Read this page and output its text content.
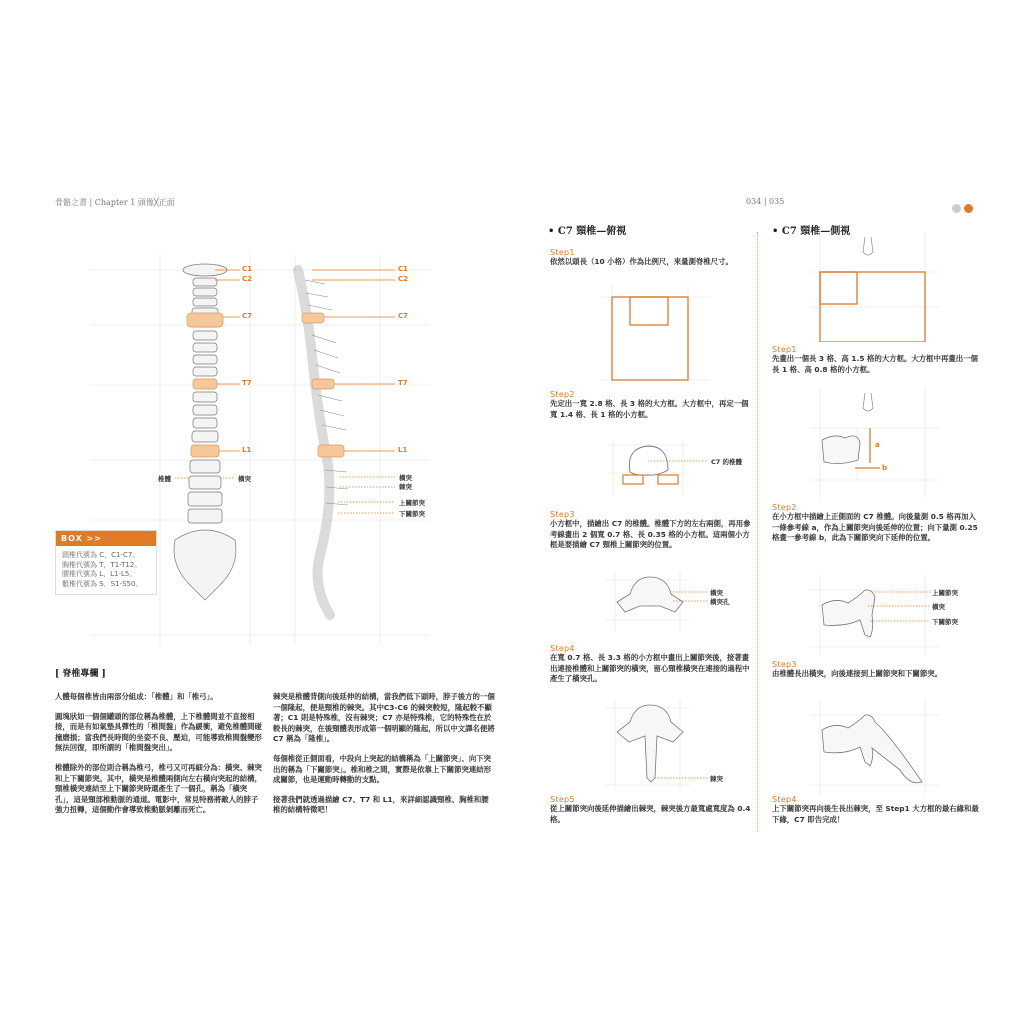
骨骼之書 | Chapter 1 頭像╳正面	034 | 035
C1
C2
C7
T7
L1
椎體	橫突
C1
C2
C7
T7
L1
橫突
棘突
上關節突
下關節突
BOX >>
頸椎代號為 C，C1-C7。
胸椎代號為 T，T1-T12。
腰椎代號為 L，L1-L5。
骶椎代號為 S，S1-S50。
[ 脊椎專欄 ]

人體每個椎皆由兩部分組成：「椎體」和「椎弓」。

圓塊狀如一個個罐頭的部位稱為椎體，上下椎體間並不直接相接，而是有如氣墊具彈性的「椎間盤」作為緩衝，避免椎體間碰撞磨損；當我們長時間的坐姿不良、壓迫，可能導致椎間盤變形無法回復，即所謂的「椎間盤突出」。

椎體除外的部位則合稱為椎弓，椎弓又可再細分為：橫突、棘突和上下關節突。其中，橫突是椎體兩側向左右橫向突起的結構，頸椎橫突連結至上下關節突時還產生了一個孔，稱為「橫突孔」，這是頸部椎動脈的通道。電影中，常見特務將敵人的脖子強力扭轉，這個動作會導致椎動脈剝離而死亡。

棘突是椎體背側向後延伸的結構，當我們低下頭時，脖子後方的一個一個隆起，便是頸椎的棘突。其中C3-C6 的棘突較短，隆起較不顯著；C1 則是特殊椎，沒有棘突；C7 亦是特殊椎，它的特殊性在於較長的棘突，在後頸體表形成第一個明顯的隆起，所以中文譯名便將 C7 稱為「隆椎」。

每個椎從正側面看，中段向上突起的結構稱為「上關節突」、向下突出的稱為「下關節突」。椎和椎之間，實際是依靠上下關節突連結形成關節，也是運動時轉動的支點。

接著我們就透過描繪 C7、T7 和 L1，來詳細認識頸椎、胸椎和腰椎的結構特徵吧！

• C7 頸椎—俯視
Step1
依然以頭長（10 小格）作為比例尺，來量測脊椎尺寸。
Step2
先定出一寬 2.8 格、長 3 格的大方框。大方框中，再定一個寬 1.4 格、長 1 格的小方框。
C7 的椎體
Step3
小方框中，描繪出 C7 的椎體。椎體下方的左右兩側，再用參考線畫出 2 個寬 0.7 格、長 0.35 格的小方框。這兩個小方框是要描繪 C7 頸椎上關節突的位置。
橫突
橫突孔
Step4
在寬 0.7 格、長 3.3 格的小方框中畫出上關節突後，接著畫出連接椎體和上關節突的橫突，留心頸椎橫突在連接的過程中產生了橫突孔。
棘突
Step5
從上關節突向後延伸描繪出棘突，棘突後方最寬處寬度為 0.4 格。
• C7 頸椎—側視
Step1
先畫出一個長 3 格、高 1.5 格的大方框。大方框中再畫出一個長 1 格、高 0.8 格的小方框。
a
b
Step2
在小方框中描繪上正側面的 C7 椎體。向後量測 0.5 格再加入一條參考線 a，作為上關節突向後延伸的位置；向下量測 0.25 格畫一參考線 b，此為下關節突向下延伸的位置。
上關節突
橫突
下關節突
Step3
由椎體長出橫突，向後連接到上關節突和下關節突。
Step4
上下關節突再向後生長出棘突，至 Step1 大方框的最右緣和最下緣，C7 即告完成！
